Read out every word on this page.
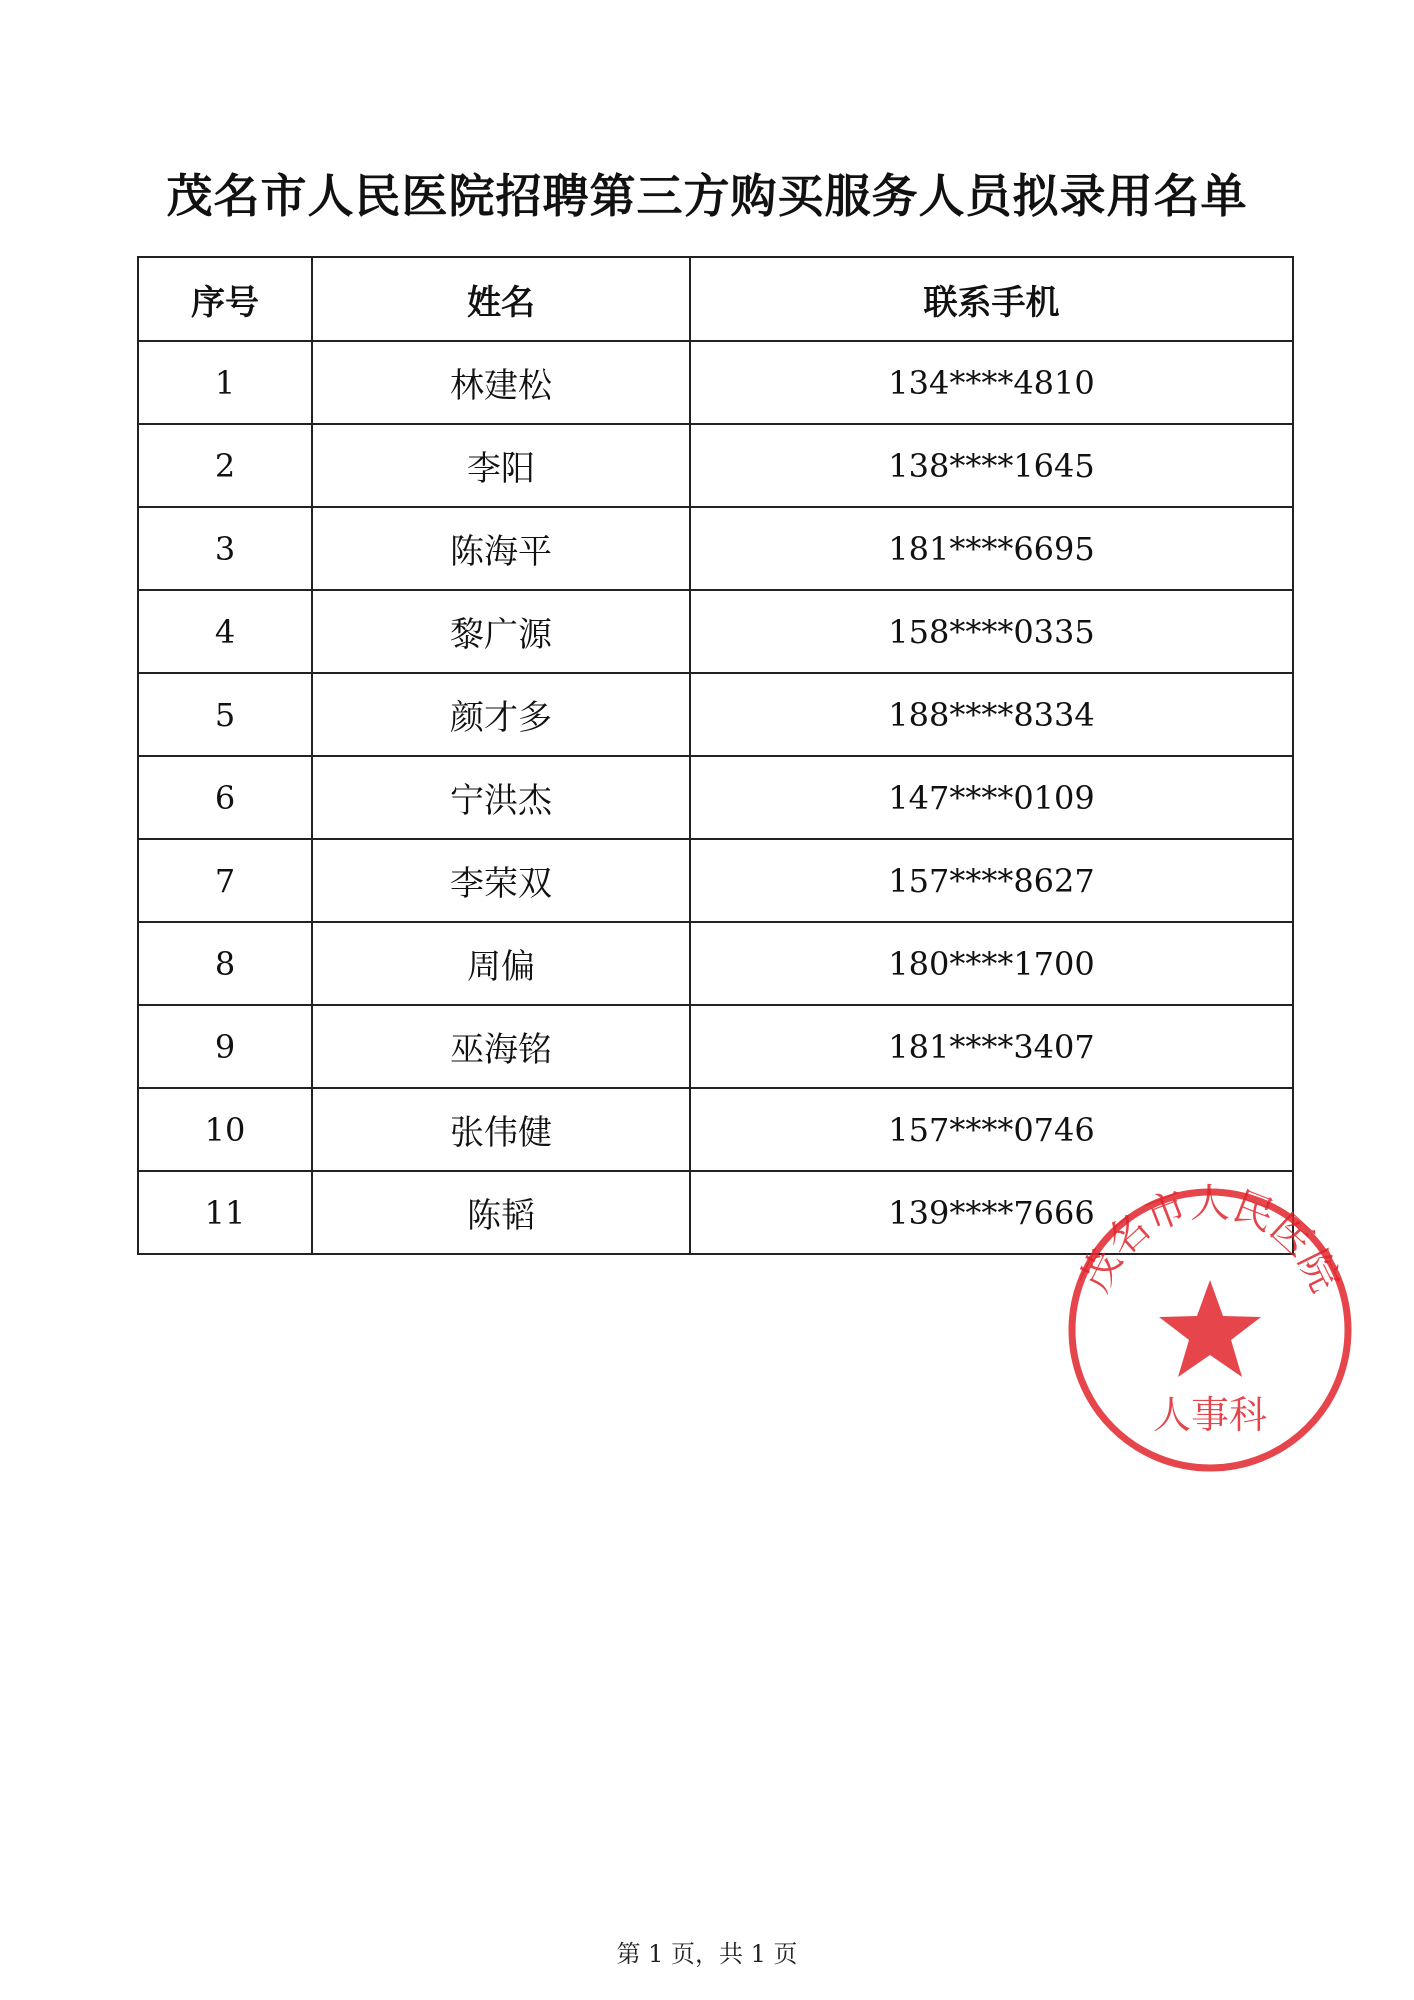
茂名市人民医院招聘第三方购买服务人员拟录用名单
序号	姓名	联系手机
1	林建松	134****4810
2	李阳	138****1645
3	陈海平	181****6695
4	黎广源	158****0335
5	颜才多	188****8334
6	宁洪杰	147****0109
7	李荣双	157****8627
8	周偏	180****1700
9	巫海铭	181****3407
10	张伟健	157****0746
11	陈韬	139****7666
茂名市人民医院
人事科
第 1 页，共 1 页
